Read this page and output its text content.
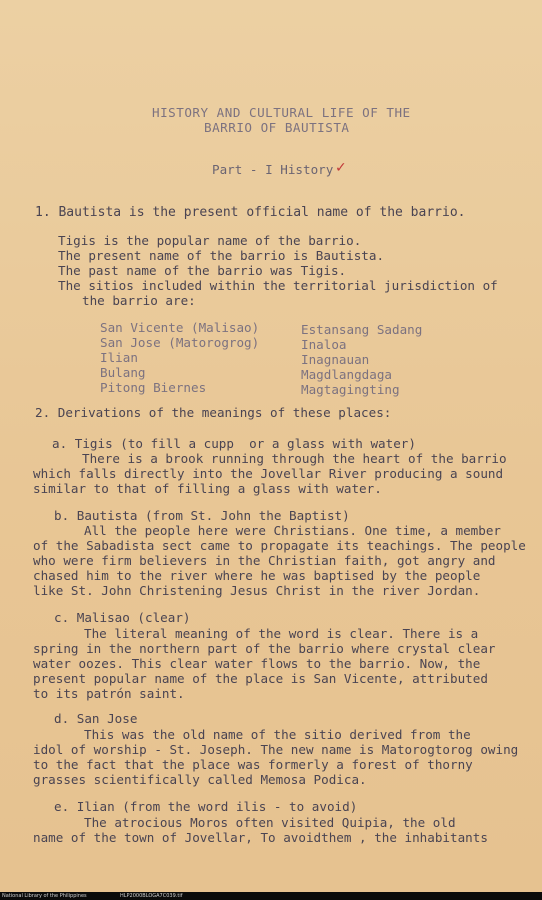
HISTORY AND CULTURAL LIFE OF THE
BARRIO OF BAUTISTA
Part - I History ✓
1. Bautista is the present official name of the barrio.
Tigis is the popular name of the barrio.
The present name of the barrio is Bautista.
The past name of the barrio was Tigis.
The sitios included within the territorial jurisdiction of
the barrio are:
San Vicente (Malisao)
San Jose (Matorogrog)
Ilian
Bulang
Pitong Biernes
Estansang Sadang
Inaloa
Inagnauan
Magdlangdaga
Magtagingting
2. Derivations of the meanings of these places:
a. Tigis (to fill a cupp  or a glass with water)
There is a brook running through the heart of the barrio
which falls directly into the Jovellar River producing a sound
similar to that of filling a glass with water.
b. Bautista (from St. John the Baptist)
All the people here were Christians. One time, a member
of the Sabadista sect came to propagate its teachings. The people
who were firm believers in the Christian faith, got angry and
chased him to the river where he was baptised by the people
like St. John Christening Jesus Christ in the river Jordan.
c. Malisao (clear)
The literal meaning of the word is clear. There is a
spring in the northern part of the barrio where crystal clear
water oozes. This clear water flows to the barrio. Now, the
present popular name of the place is San Vicente, attributed
to its patrón saint.
d. San Jose
This was the old name of the sitio derived from the
idol of worship - St. Joseph. The new name is Matorogtorog owing
to the fact that the place was formerly a forest of thorny
grasses scientifically called Memosa Podica.
e. Ilian (from the word ilis - to avoid)
The atrocious Moros often visited Quipia, the old
name of the town of Jovellar, To avoidthem , the inhabitants
National Library of the Philippines	HLP2000BLOGA7C039.tif
